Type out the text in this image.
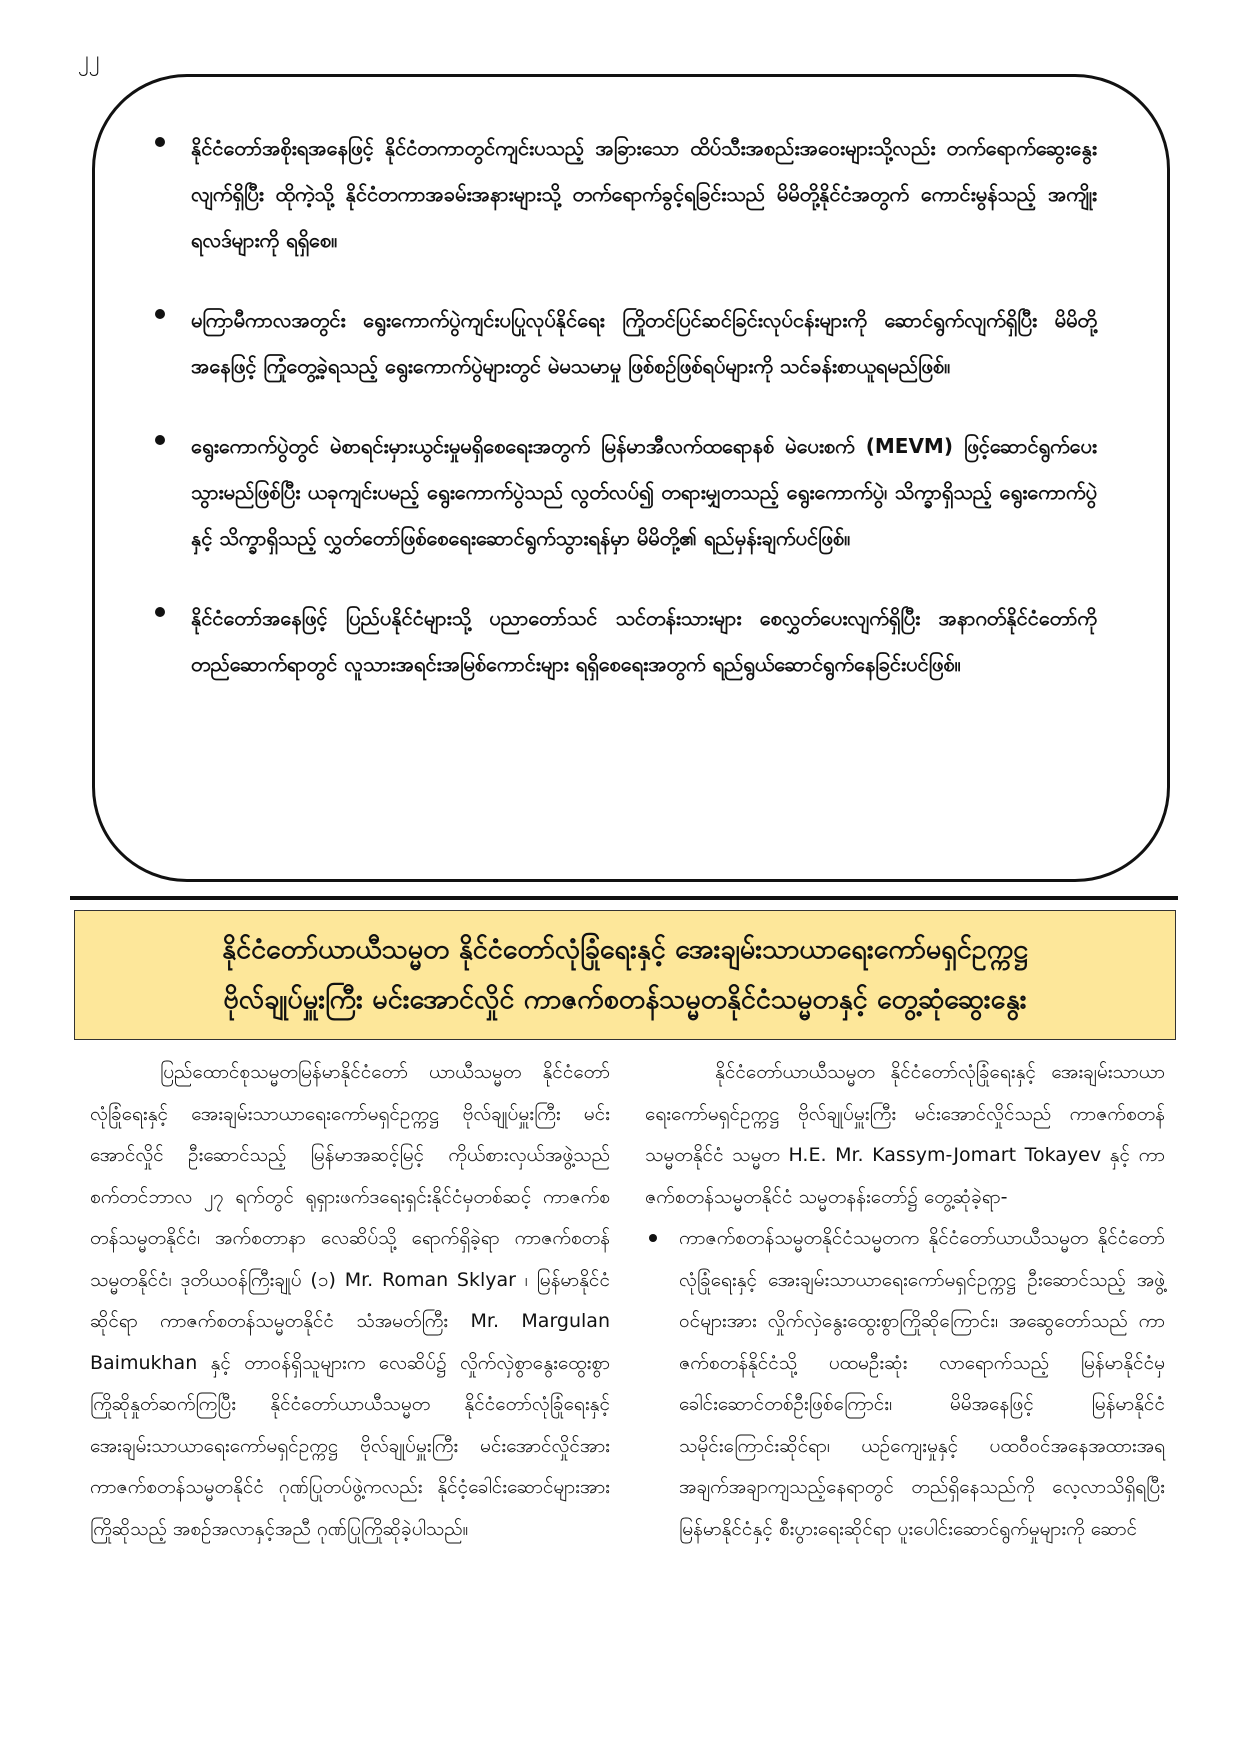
၂၂
နိုင်ငံတော်အစိုးရအနေဖြင့် နိုင်ငံတကာတွင်ကျင်းပသည့် အခြားသော ထိပ်သီးအစည်းအဝေးများသို့လည်း တက်ရောက်ဆွေးနွေးလျက်ရှိပြီး ထိုကဲ့သို့ နိုင်ငံတကာအခမ်းအနားများသို့ တက်ရောက်ခွင့်ရခြင်းသည် မိမိတို့နိုင်ငံအတွက် ကောင်းမွန်သည့် အကျိုးရလဒ်များကို ရရှိစေ။
မကြာမီကာလအတွင်း ရွေးကောက်ပွဲကျင်းပပြုလုပ်နိုင်ရေး ကြိုတင်ပြင်ဆင်ခြင်းလုပ်ငန်းများကို ဆောင်ရွက်လျက်ရှိပြီး မိမိတို့အနေဖြင့် ကြုံတွေ့ခဲ့ရသည့် ရွေးကောက်ပွဲများတွင် မဲမသမာမှု ဖြစ်စဉ်ဖြစ်ရပ်များကို သင်ခန်းစာယူရမည်ဖြစ်။
ရွေးကောက်ပွဲတွင် မဲစာရင်းမှားယွင်းမှုမရှိစေရေးအတွက် မြန်မာအီလက်ထရောနစ် မဲပေးစက် (MEVM) ဖြင့်ဆောင်ရွက်ပေးသွားမည်ဖြစ်ပြီး ယခုကျင်းပမည့် ရွေးကောက်ပွဲသည် လွတ်လပ်၍ တရားမျှတသည့် ရွေးကောက်ပွဲ၊ သိက္ခာရှိသည့် ရွေးကောက်ပွဲနှင့် သိက္ခာရှိသည့် လွှတ်တော်ဖြစ်စေရေးဆောင်ရွက်သွားရန်မှာ မိမိတို့၏ ရည်မှန်းချက်ပင်ဖြစ်။
နိုင်ငံတော်အနေဖြင့် ပြည်ပနိုင်ငံများသို့ ပညာတော်သင် သင်တန်းသားများ စေလွှတ်ပေးလျက်ရှိပြီး အနာဂတ်နိုင်ငံတော်ကို တည်ဆောက်ရာတွင် လူသားအရင်းအမြစ်ကောင်းများ ရရှိစေရေးအတွက် ရည်ရွယ်ဆောင်ရွက်နေခြင်းပင်ဖြစ်။
နိုင်ငံတော်ယာယီသမ္မတ နိုင်ငံတော်လုံခြုံရေးနှင့် အေးချမ်းသာယာရေးကော်မရှင်ဥက္ကဋ္ဌ
ဗိုလ်ချုပ်မှူးကြီး မင်းအောင်လှိုင် ကာဇက်စတန်သမ္မတနိုင်ငံသမ္မတနှင့် တွေ့ဆုံဆွေးနွေး

ပြည်ထောင်စုသမ္မတမြန်မာနိုင်ငံတော် ယာယီသမ္မတ နိုင်ငံတော်လုံခြုံရေးနှင့် အေးချမ်းသာယာရေးကော်မရှင်ဥက္ကဋ္ဌ ဗိုလ်ချုပ်မှူးကြီး မင်းအောင်လှိုင် ဦးဆောင်သည့် မြန်မာအဆင့်မြင့် ကိုယ်စားလှယ်အဖွဲ့သည် စက်တင်ဘာလ ၂၇ ရက်တွင် ရုရှားဖက်ဒရေးရှင်းနိုင်ငံမှတစ်ဆင့် ကာဇက်စတန်သမ္မတနိုင်ငံ၊ အက်စတာနာ လေဆိပ်သို့ ရောက်ရှိခဲ့ရာ ကာဇက်စတန်သမ္မတနိုင်ငံ၊ ဒုတိယဝန်ကြီးချုပ် (၁) Mr. Roman Sklyar ၊ မြန်မာနိုင်ငံဆိုင်ရာ ကာဇက်စတန်သမ္မတနိုင်ငံ သံအမတ်ကြီး Mr. Margulan Baimukhan နှင့် တာဝန်ရှိသူများက လေဆိပ်၌ လှိုက်လှဲစွာနွေးထွေးစွာ ကြိုဆိုနှုတ်ဆက်ကြပြီး နိုင်ငံတော်ယာယီသမ္မတ နိုင်ငံတော်လုံခြုံရေးနှင့် အေးချမ်းသာယာရေးကော်မရှင်ဥက္ကဋ္ဌ ဗိုလ်ချုပ်မှူးကြီး မင်းအောင်လှိုင်အား ကာဇက်စတန်သမ္မတနိုင်ငံ ဂုဏ်ပြုတပ်ဖွဲ့ကလည်း နိုင်ငံ့ခေါင်းဆောင်များအား ကြိုဆိုသည့် အစဉ်အလာနှင့်အညီ ဂုဏ်ပြုကြိုဆိုခဲ့ပါသည်။

နိုင်ငံတော်ယာယီသမ္မတ နိုင်ငံတော်လုံခြုံရေးနှင့် အေးချမ်းသာယာရေးကော်မရှင်ဥက္ကဋ္ဌ ဗိုလ်ချုပ်မှူးကြီး မင်းအောင်လှိုင်သည် ကာဇက်စတန်သမ္မတနိုင်ငံ သမ္မတ H.E. Mr. Kassym-Jomart Tokayev နှင့် ကာဇက်စတန်သမ္မတနိုင်ငံ သမ္မတနန်းတော်၌ တွေ့ဆုံခဲ့ရာ-

ကာဇက်စတန်သမ္မတနိုင်ငံသမ္မတက နိုင်ငံတော်ယာယီသမ္မတ နိုင်ငံတော်လုံခြုံရေးနှင့် အေးချမ်းသာယာရေးကော်မရှင်ဥက္ကဋ္ဌ ဦးဆောင်သည့် အဖွဲ့ဝင်များအား လှိုက်လှဲနွေးထွေးစွာကြိုဆိုကြောင်း၊ အဆွေတော်သည် ကာဇက်စတန်နိုင်ငံသို့ ပထမဦးဆုံး လာရောက်သည့် မြန်မာနိုင်ငံမှ ခေါင်းဆောင်တစ်ဦးဖြစ်ကြောင်း၊ မိမိအနေဖြင့် မြန်မာနိုင်ငံ သမိုင်းကြောင်းဆိုင်ရာ၊ ယဉ်ကျေးမှုနှင့် ပထဝီဝင်အနေအထားအရ အချက်အချာကျသည့်နေရာတွင် တည်ရှိနေသည်ကို လေ့လာသိရှိရပြီး မြန်မာနိုင်ငံနှင့် စီးပွားရေးဆိုင်ရာ ပူးပေါင်းဆောင်ရွက်မှုများကို ဆောင်
